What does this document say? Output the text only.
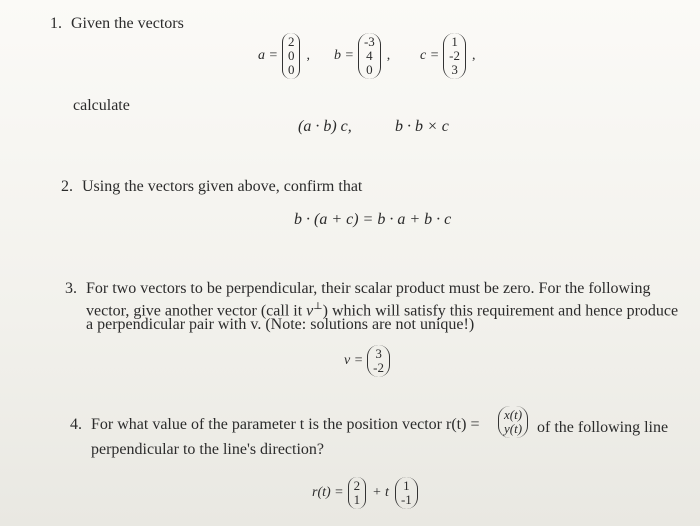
1. Given the vectors
a =
2
0
0
, b =
-3
4
0
, c =
1
-2
3
,
calculate
(a · b) c,	b · b × c
2. Using the vectors given above, confirm that
b · (a + c) = b · a + b · c
3. For two vectors to be perpendicular, their scalar product must be zero. For the following
vector, give another vector (call it v⊥) which will satisfy this requirement and hence produce
a perpendicular pair with v. (Note: solutions are not unique!)
v = 3
-2
4. For what value of the parameter t is the position vector r(t) =
x(t)
y(t) of the following line
perpendicular to the line's direction?
r(t) = 2
1 + t 1
-1
